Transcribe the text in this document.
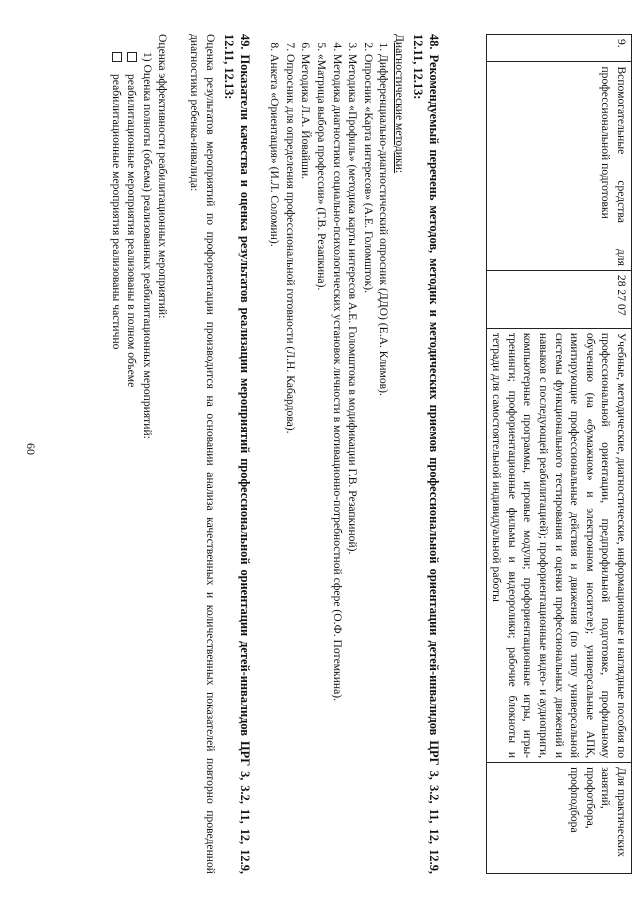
60
9.	Вспомогательные средства для профессиональной подготовки	28 27 07	Учебные, методические, диагностические, информационные и наглядные пособия по профессиональной ориентации, предпрофильной подготовке, профильному обучению (на «бумажном» и электронном носителе); универсальные АПК, имитирующие профессиональные действия и движения (по типу универсальной системы функционального тестирования и оценки профессиональных движений и навыков с последующей реабилитацией); профориентационные видео- и аудиоприги, компьютерные программы, игровые модули; профориентационные игры, игры-тренинги; профориентационные фильмы и видеоролики; рабочие блокноты и тетради для самостоятельной индивидуальной работы	Для практических занятий, профотбора, профподбора
48. Рекомендуемый перечень методов, методик и методических приемов профессиональной ориентации детей-инвалидов ЦРГ 3, 3.2, 11, 12, 12.9, 12.11, 12.13:
Диагностические методики:
1. Дифференциально-диагностический опросник (ДДО) (Е.А. Климов).
2. Опросник «Карта интересов» (А.Е. Голомшток).
3. Методика «Профиль» (методика карты интересов А.Е. Голомштока в модификации Г.В. Резапкиной).
4. Методика диагностики социально-психологических установок личности в мотивационно-потребностной сфере (О.Ф. Потемкина).
5. «Матрица выбора профессии» (Г.В. Резапкина).
6. Методика Л.А. Йовайши.
7. Опросник для определения профессиональной готовности (Л.Н. Кабардова).
8. Анкета «Ориентация» (И.Л. Соломин).
49. Показатели качества и оценка результатов реализации мероприятий профессиональной ориентации детей-инвалидов ЦРГ 3, 3.2, 11, 12, 12.9, 12.11, 12.13:

Оценка результатов мероприятий по профориентации производится на основании анализа качественных и количественных показателей повторно проведенной диагностики ребенка-инвалида:

Оценка эффективности реабилитационных мероприятий:

1) Оценка полноты (объема) реализованных реабилитационных мероприятий:
реабилитационные мероприятия реализованы в полном объеме
реабилитационные мероприятия реализованы частично
